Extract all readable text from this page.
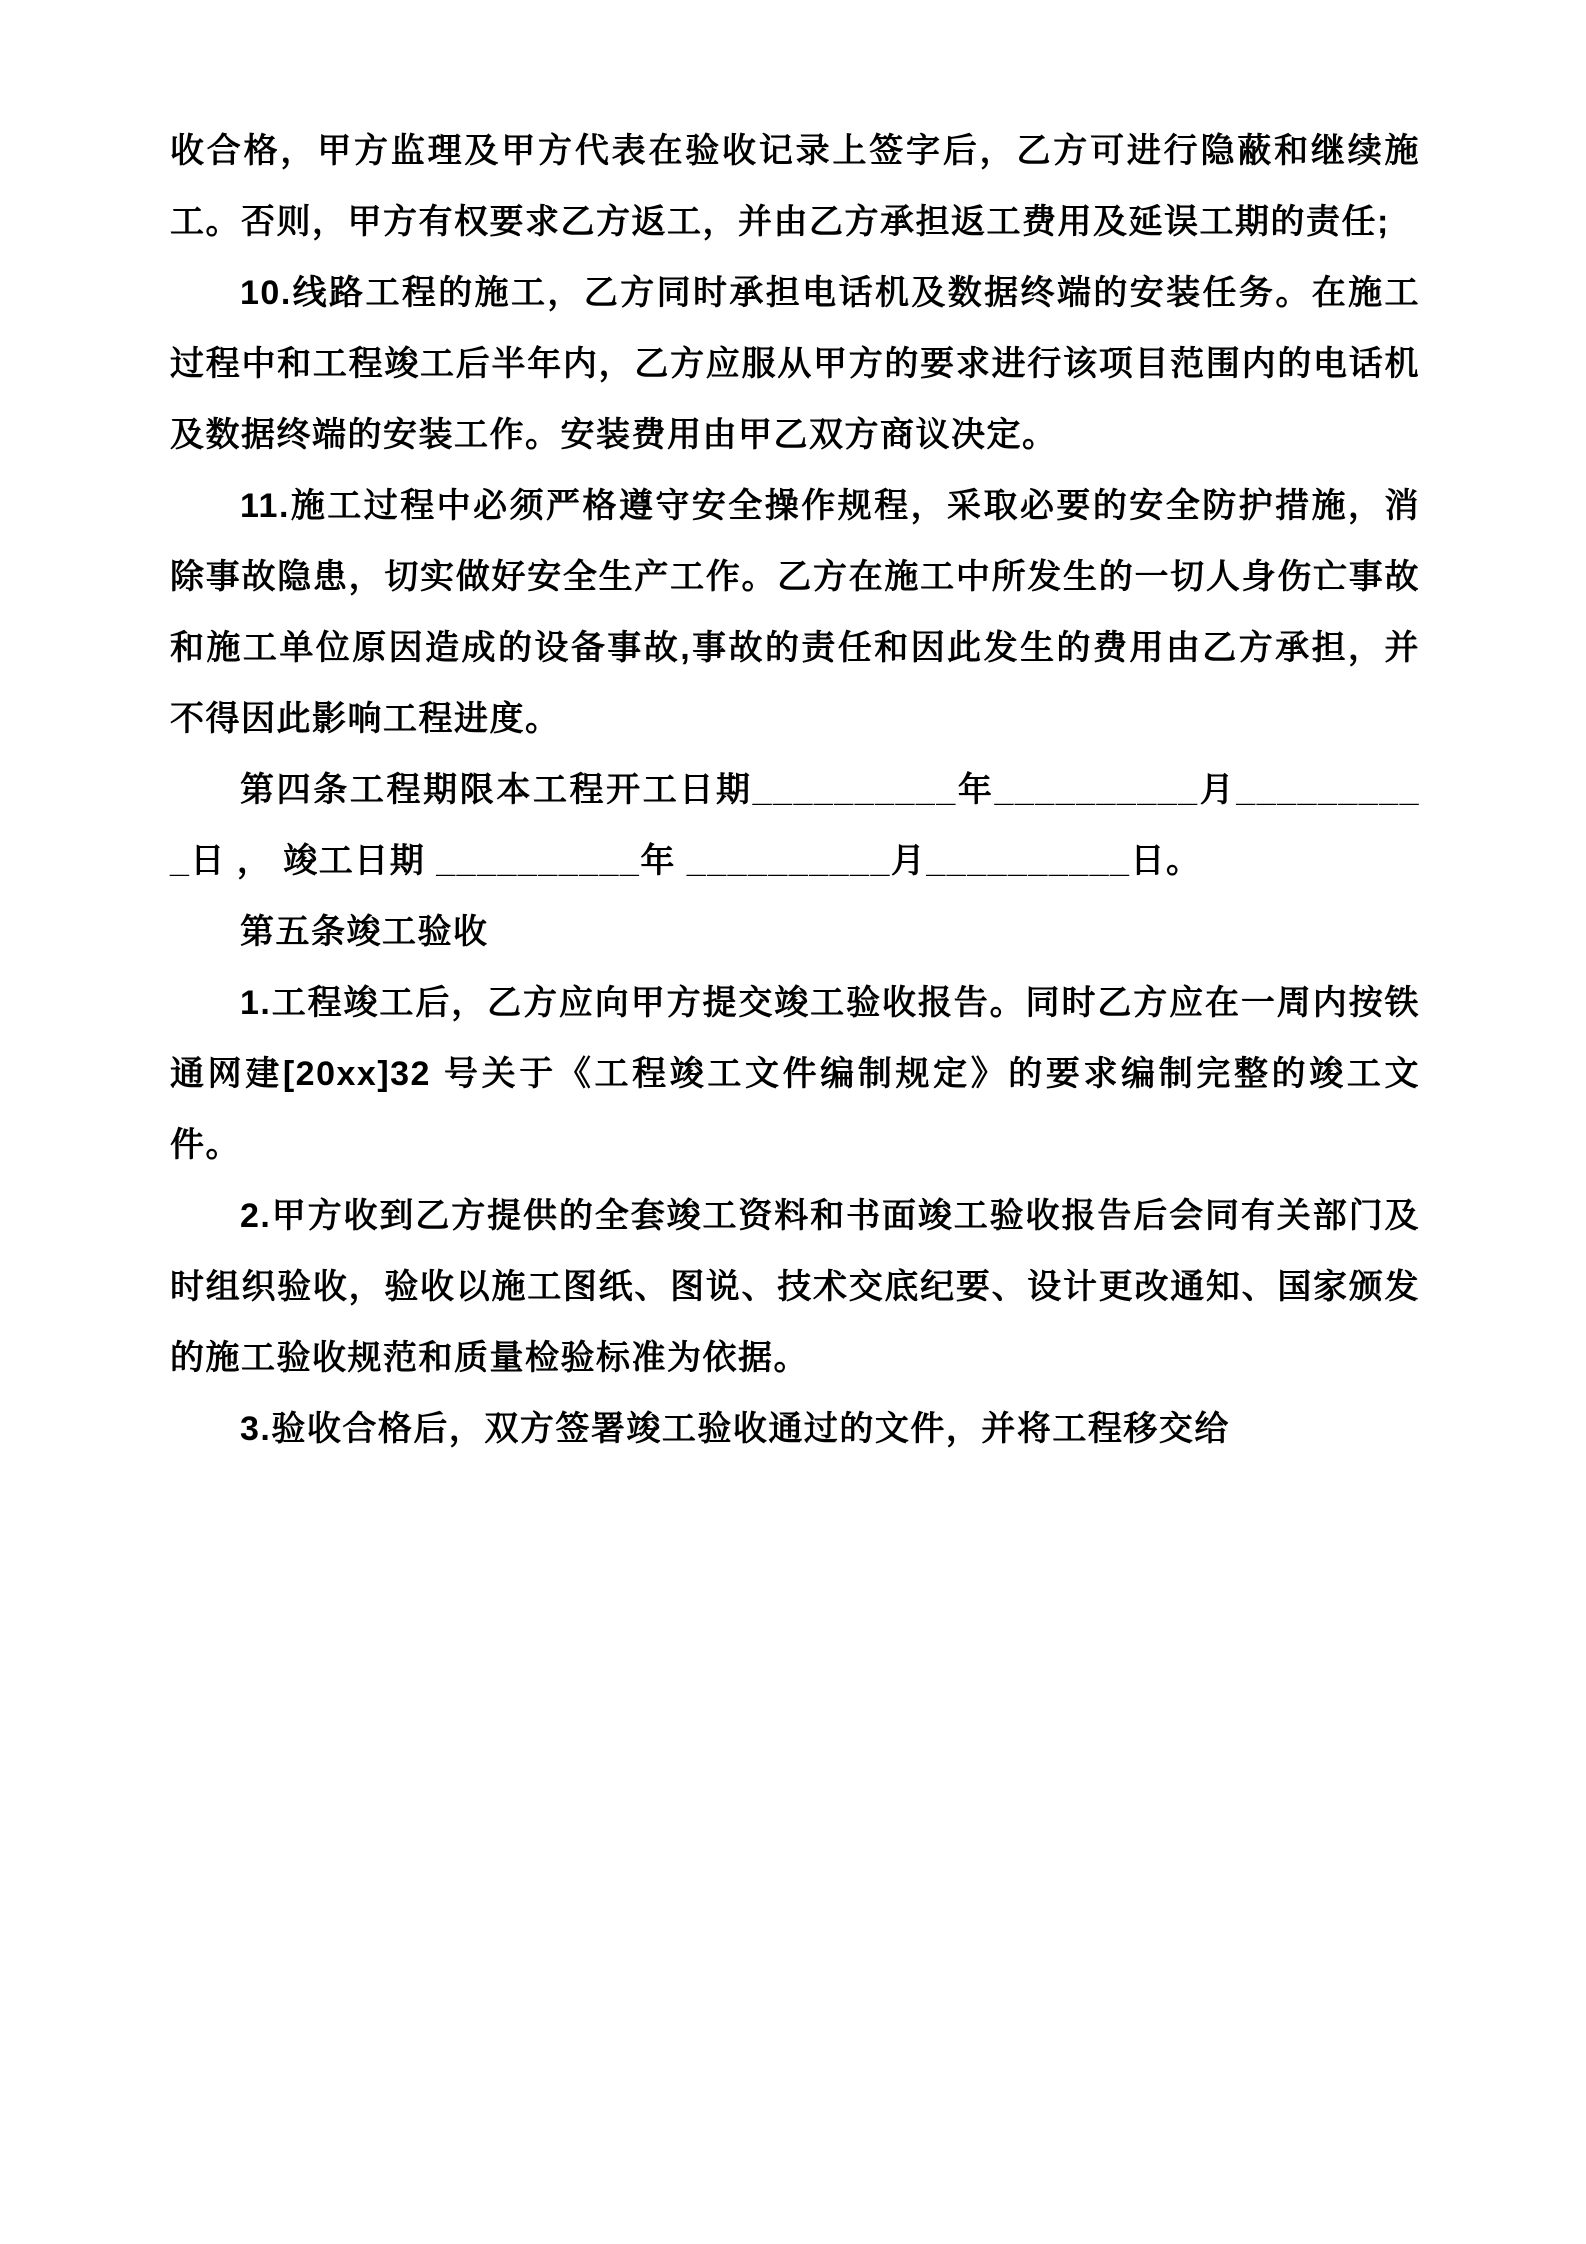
收合格，甲方监理及甲方代表在验收记录上签字后，乙方可进行隐蔽和继续施工。否则，甲方有权要求乙方返工，并由乙方承担返工费用及延误工期的责任;

10.线路工程的施工，乙方同时承担电话机及数据终端的安装任务。在施工过程中和工程竣工后半年内，乙方应服从甲方的要求进行该项目范围内的电话机及数据终端的安装工作。安装费用由甲乙双方商议决定。

11.施工过程中必须严格遵守安全操作规程，采取必要的安全防护措施，消除事故隐患，切实做好安全生产工作。乙方在施工中所发生的一切人身伤亡事故和施工单位原因造成的设备事故,事故的责任和因此发生的费用由乙方承担，并不得因此影响工程进度。

第四条工程期限本工程开工日期__________年__________月__________日 ， 竣工日期 __________年 __________月__________日。

第五条竣工验收

1.工程竣工后，乙方应向甲方提交竣工验收报告。同时乙方应在一周内按铁通网建[20xx]32 号关于《工程竣工文件编制规定》的要求编制完整的竣工文件。

2.甲方收到乙方提供的全套竣工资料和书面竣工验收报告后会同有关部门及时组织验收，验收以施工图纸、图说、技术交底纪要、设计更改通知、国家颁发的施工验收规范和质量检验标准为依据。

3.验收合格后，双方签署竣工验收通过的文件，并将工程移交给
